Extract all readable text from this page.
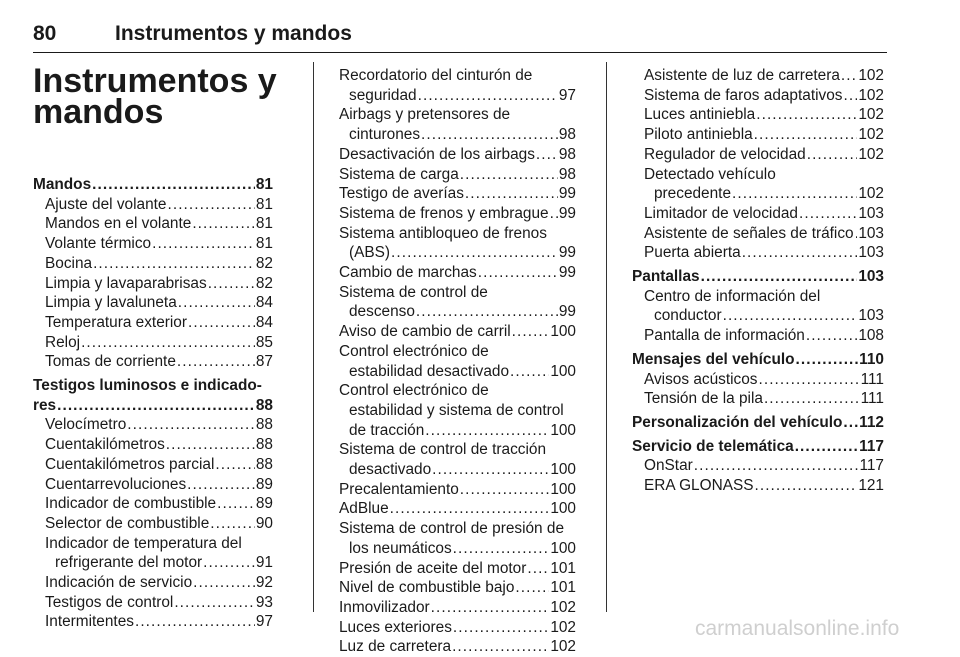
80	Instrumentos y mandos
Instrumentos y mandos
Mandos . . .	81
Ajuste del volante . . .	81
Mandos en el volante . . .	81
Volante térmico . . .	81
Bocina . . .	82
Limpia y lavaparabrisas . . .	82
Limpia y lavaluneta . . .	84
Temperatura exterior . . .	84
Reloj . . .	85
Tomas de corriente . . .	87
Testigos luminosos e indicado-
res . . .	88
Velocímetro . . .	88
Cuentakilómetros . . .	88
Cuentakilómetros parcial . . .	88
Cuentarrevoluciones . . .	89
Indicador de combustible . . .	89
Selector de combustible . . .	90
Indicador de temperatura del
refrigerante del motor . . .	91
Indicación de servicio . . .	92
Testigos de control . . .	93
Intermitentes . . .	97
Recordatorio del cinturón de
seguridad . . .	97
Airbags y pretensores de
cinturones . . .	98
Desactivación de los airbags . . . 98
Sistema de carga . . .	98
Testigo de averías . . .	99
Sistema de frenos y embrague . . . 99
Sistema antibloqueo de frenos
(ABS) . . .	99
Cambio de marchas . . .	99
Sistema de control de
descenso . . .	99
Aviso de cambio de carril . . .	100
Control electrónico de
estabilidad desactivado . . .	100
Control electrónico de
estabilidad y sistema de control
de tracción . . .	100
Sistema de control de tracción
desactivado . . .	100
Precalentamiento . . .	100
AdBlue . . .	100
Sistema de control de presión de
los neumáticos . . .	100
Presión de aceite del motor . . . 101
Nivel de combustible bajo . . . 101
Inmovilizador . . .	102
Luces exteriores . . .	102
Luz de carretera . . .	102
Asistente de luz de carretera . . . 102
Sistema de faros adaptativos . . . 102
Luces antiniebla . . .	102
Piloto antiniebla . . .	102
Regulador de velocidad . . .	102
Detectado vehículo
precedente . . .	102
Limitador de velocidad . . .	103
Asistente de señales de tráfico . . . 103
Puerta abierta . . .	103
Pantallas . . .	103
Centro de información del
conductor . . .	103
Pantalla de información . . .	108
Mensajes del vehículo . . .	110
Avisos acústicos . . .	111
Tensión de la pila . . .	111
Personalización del vehículo . . . 112
Servicio de telemática . . .	117
OnStar . . .	117
ERA GLONASS . . .	121
carmanualsonline.info
